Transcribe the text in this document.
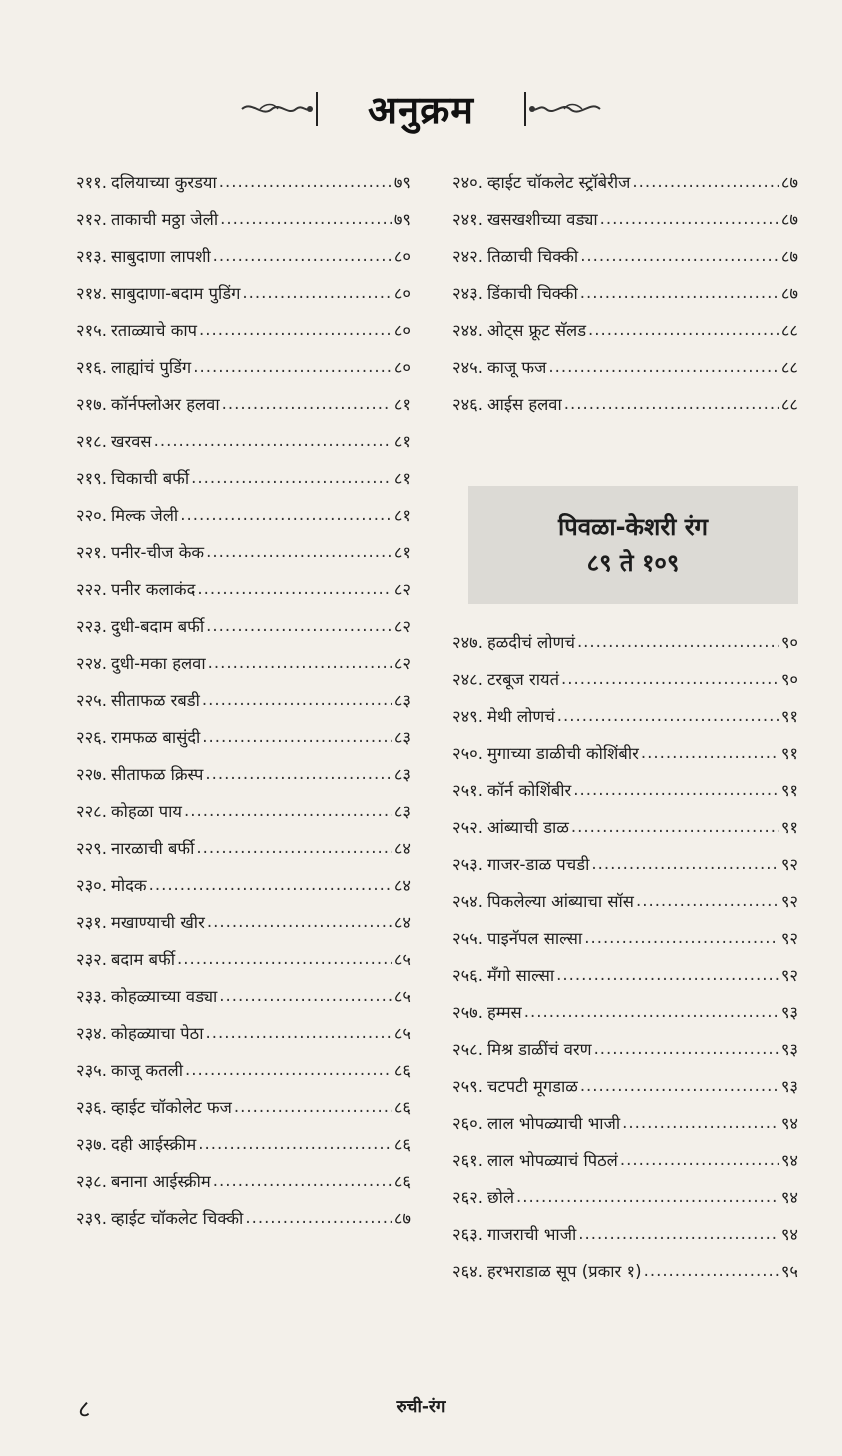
अनुक्रम
२११. दलियाच्या कुरडया .....	७९
२१२. ताकाची मठ्ठा जेली .....	७९
२१३. साबुदाणा लापशी .....	८०
२१४. साबुदाणा-बदाम पुडिंग .....	८०
२१५. रताळ्याचे काप .....	८०
२१६. लाह्यांचं पुडिंग .....	८०
२१७. कॉर्नफ्लोअर हलवा .....	८१
२१८. खरवस .....	८१
२१९. चिकाची बर्फी .....	८१
२२०. मिल्क जेली .....	८१
२२१. पनीर-चीज केक .....	८१
२२२. पनीर कलाकंद .....	८२
२२३. दुधी-बदाम बर्फी .....	८२
२२४. दुधी-मका हलवा .....	८२
२२५. सीताफळ रबडी .....	८३
२२६. रामफळ बासुंदी .....	८३
२२७. सीताफळ क्रिस्प .....	८३
२२८. कोहळा पाय .....	८३
२२९. नारळाची बर्फी .....	८४
२३०. मोदक .....	८४
२३१. मखाण्याची खीर .....	८४
२३२. बदाम बर्फी .....	८५
२३३. कोहळ्याच्या वड्या .....	८५
२३४. कोहळ्याचा पेठा .....	८५
२३५. काजू कतली .....	८६
२३६. व्हाईट चॉकोलेट फज .....	८६
२३७. दही आईस्क्रीम .....	८६
२३८. बनाना आईस्क्रीम .....	८६
२३९. व्हाईट चॉकलेट चिक्की .....	८७
२४०. व्हाईट चॉकलेट स्ट्रॉबेरीज .....	८७
२४१. खसखशीच्या वड्या .....	८७
२४२. तिळाची चिक्की .....	८७
२४३. डिंकाची चिक्की .....	८७
२४४. ओट्स फ्रूट सॅलड .....	८८
२४५. काजू फज .....	८८
२४६. आईस हलवा .....	८८
पिवळा-केशरी रंग
८९ ते १०९
२४७. हळदीचं लोणचं .....	९०
२४८. टरबूज रायतं .....	९०
२४९. मेथी लोणचं .....	९१
२५०. मुगाच्या डाळीची कोशिंबीर .....	९१
२५१. कॉर्न कोशिंबीर .....	९१
२५२. आंब्याची डाळ .....	९१
२५३. गाजर-डाळ पचडी .....	९२
२५४. पिकलेल्या आंब्याचा सॉस .....	९२
२५५. पाइनॅपल साल्सा .....	९२
२५६. मँगो साल्सा .....	९२
२५७. हम्मस .....	९३
२५८. मिश्र डाळींचं वरण .....	९३
२५९. चटपटी मूगडाळ .....	९३
२६०. लाल भोपळ्याची भाजी .....	९४
२६१. लाल भोपळ्याचं पिठलं .....	९४
२६२. छोले .....	९४
२६३. गाजराची भाजी .....	९४
२६४. हरभराडाळ सूप (प्रकार १) .....	९५
८	रुची-रंग
